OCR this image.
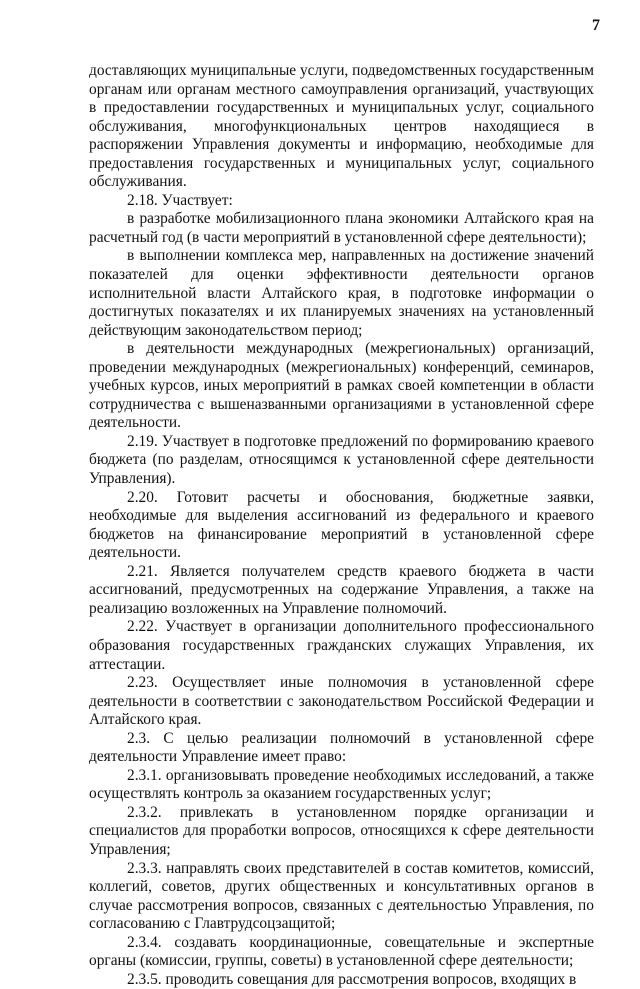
7

доставляющих муниципальные услуги, подведомственных государственным органам или органам местного самоуправления организаций, участвующих в предоставлении государственных и муниципальных услуг, социального обслуживания, многофункциональных центров находящиеся в распоряжении Управления документы и информацию, необходимые для предоставления государственных и муниципальных услуг, социального обслуживания.

2.18. Участвует:

в разработке мобилизационного плана экономики Алтайского края на расчетный год (в части мероприятий в установленной сфере деятельности);

в выполнении комплекса мер, направленных на достижение значений показателей для оценки эффективности деятельности органов исполнительной власти Алтайского края, в подготовке информации о достигнутых показателях и их планируемых значениях на установленный действующим законодательством период;

в деятельности международных (межрегиональных) организаций, проведении международных (межрегиональных) конференций, семинаров, учебных курсов, иных мероприятий в рамках своей компетенции в области сотрудничества с вышеназванными организациями в установленной сфере деятельности.

2.19. Участвует в подготовке предложений по формированию краевого бюджета (по разделам, относящимся к установленной сфере деятельности Управления).

2.20. Готовит расчеты и обоснования, бюджетные заявки, необходимые для выделения ассигнований из федерального и краевого бюджетов на финансирование мероприятий в установленной сфере деятельности.

2.21. Является получателем средств краевого бюджета в части ассигнований, предусмотренных на содержание Управления, а также на реализацию возложенных на Управление полномочий.

2.22. Участвует в организации дополнительного профессионального образования государственных гражданских служащих Управления, их аттестации.

2.23. Осуществляет иные полномочия в установленной сфере деятельности в соответствии с законодательством Российской Федерации и Алтайского края.

2.3. С целью реализации полномочий в установленной сфере деятельности Управление имеет право:

2.3.1. организовывать проведение необходимых исследований, а также осуществлять контроль за оказанием государственных услуг;

2.3.2. привлекать в установленном порядке организации и специалистов для проработки вопросов, относящихся к сфере деятельности Управления;

2.3.3. направлять своих представителей в состав комитетов, комиссий, коллегий, советов, других общественных и консультативных органов в случае рассмотрения вопросов, связанных с деятельностью Управления, по согласованию с Главтрудсоцзащитой;

2.3.4. создавать координационные, совещательные и экспертные органы (комиссии, группы, советы) в установленной сфере деятельности;

2.3.5. проводить совещания для рассмотрения вопросов, входящих в
